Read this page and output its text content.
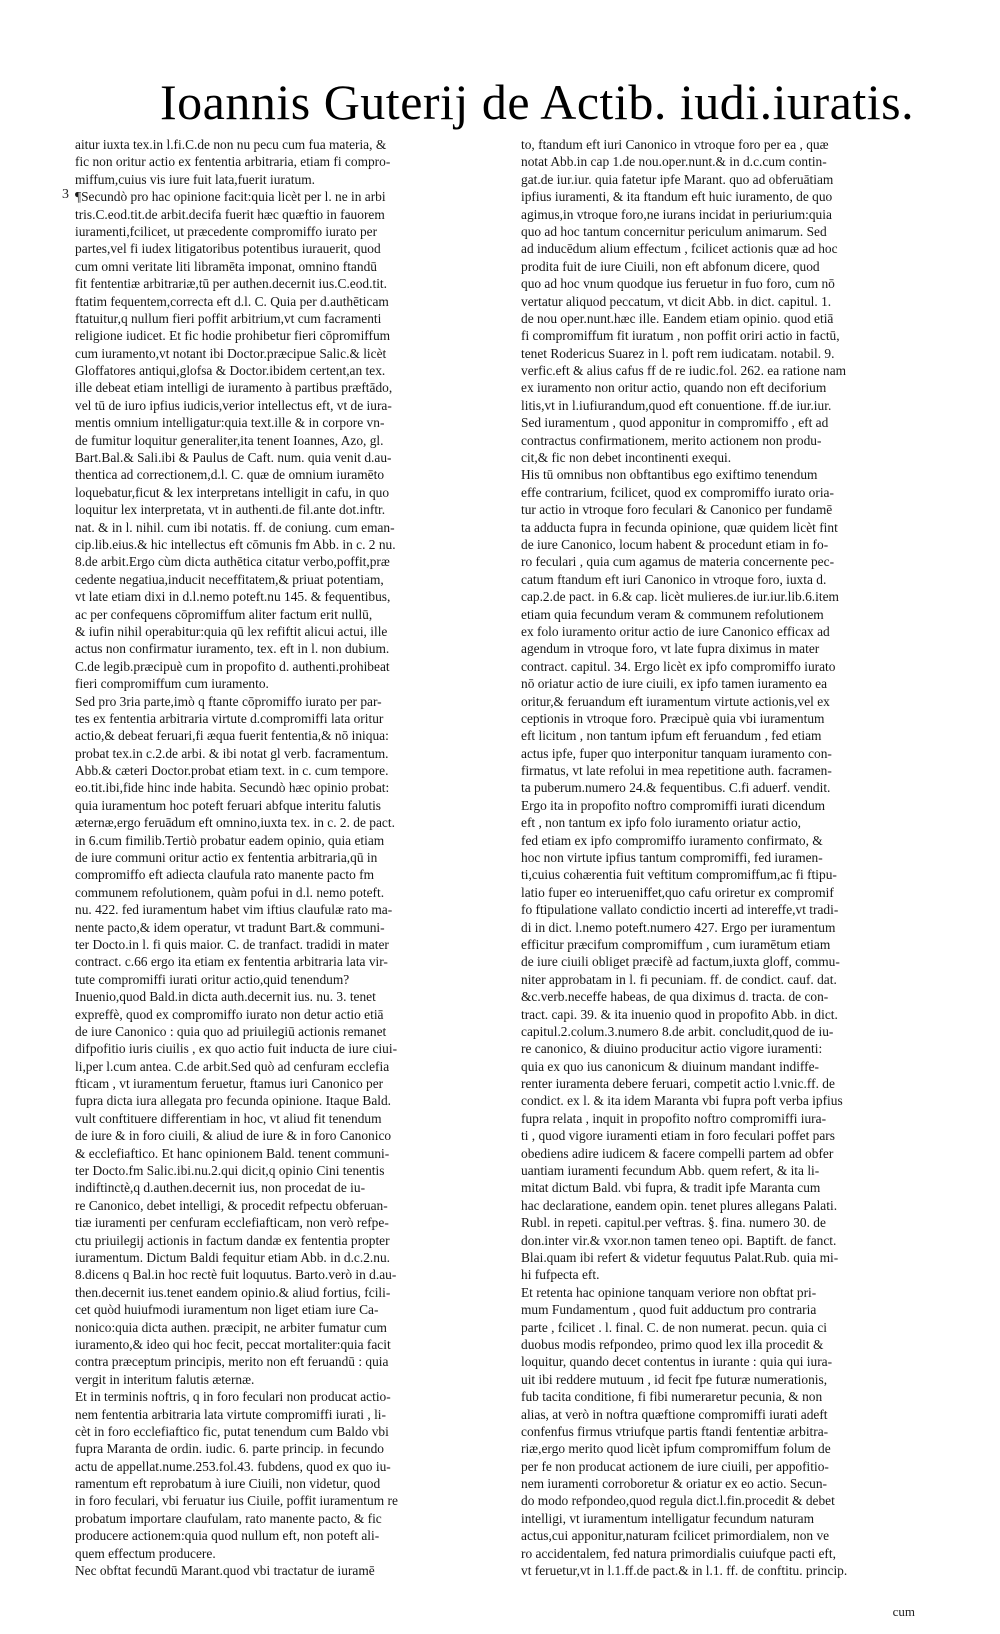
Ioannis Guterij de Actib. iudi.iuratis.
3
aitur iuxta tex.in l.fi.C.de non nu pecu cum fua materia, &
fic non oritur actio ex fententia arbitraria, etiam fi compro-
miffum,cuius vis iure fuit lata,fuerit iuratum.
¶Secundò pro hac opinione facit:quia licèt per l. ne in arbi
tris.C.eod.tit.de arbit.decifa fuerit hæc quæftio in fauorem
iuramenti,fcilicet, ut præcedente compromiffo iurato per
partes,vel fi iudex litigatoribus potentibus iurauerit, quod
cum omni veritate liti libramēta imponat, omnino ftandū
fit fententiæ arbitrariæ,tū per authen.decernit ius.C.eod.tit.
ftatim fequentem,correcta eft d.l. C. Quia per d.authēticam
ftatuitur,q nullum fieri poffit arbitrium,vt cum facramenti
religione iudicet. Et fic hodie prohibetur fieri cōpromiffum
cum iuramento,vt notant ibi Doctor.præcipue Salic.& licèt
Gloffatores antiqui,glofsa & Doctor.ibidem certent,an tex.
ille debeat etiam intelligi de iuramento à partibus præftādo,
vel tū de iuro ipfius iudicis,verior intellectus eft, vt de iura-
mentis omnium intelligatur:quia text.ille & in corpore vn-
de fumitur loquitur generaliter,ita tenent Ioannes, Azo, gl.
Bart.Bal.& Sali.ibi & Paulus de Caft. num. quia venit d.au-
thentica ad correctionem,d.l. C. quæ de omnium iuramēto
loquebatur,ficut & lex interpretans intelligit in cafu, in quo
loquitur lex interpretata, vt in authenti.de fil.ante dot.inftr.
nat. & in l. nihil. cum ibi notatis. ff. de coniung. cum eman-
cip.lib.eius.& hic intellectus eft cōmunis fm Abb. in c. 2 nu.
8.de arbit.Ergo cùm dicta authētica citatur verbo,poffit,præ
cedente negatiua,inducit neceffitatem,& priuat potentiam,
vt late etiam dixi in d.l.nemo poteft.nu 145. & fequentibus,
ac per confequens cōpromiffum aliter factum erit nullū,
& iufin nihil operabitur:quia qū lex refiftit alicui actui, ille
actus non confirmatur iuramento, tex. eft in l. non dubium.
C.de legib.præcipuè cum in propofito d. authenti.prohibeat
fieri compromiffum cum iuramento.
Sed pro 3ria parte,imò q ftante cōpromiffo iurato per par-
tes ex fententia arbitraria virtute d.compromiffi lata oritur
actio,& debeat feruari,fi æqua fuerit fententia,& nō iniqua:
probat tex.in c.2.de arbi. & ibi notat gl verb. facramentum.
Abb.& cæteri Doctor.probat etiam text. in c. cum tempore.
eo.tit.ibi,fide hinc inde habita. Secundò hæc opinio probat:
quia iuramentum hoc poteft feruari abfque interitu falutis
æternæ,ergo feruādum eft omnino,iuxta tex. in c. 2. de pact.
in 6.cum fimilib.Tertiò probatur eadem opinio, quia etiam
de iure communi oritur actio ex fententia arbitraria,qū in
compromiffo eft adiecta claufula rato manente pacto fm
communem refolutionem, quàm pofui in d.l. nemo poteft.
nu. 422. fed iuramentum habet vim iftius claufulæ rato ma-
nente pacto,& idem operatur, vt tradunt Bart.& communi-
ter Docto.in l. fi quis maior. C. de tranfact. tradidi in mater
contract. c.66 ergo ita etiam ex fententia arbitraria lata vir-
tute compromiffi iurati oritur actio,quid tenendum?
Inuenio,quod Bald.in dicta auth.decernit ius. nu. 3. tenet
expreffè, quod ex compromiffo iurato non detur actio etiā
de iure Canonico : quia quo ad priuilegiū actionis remanet
difpofitio iuris ciuilis , ex quo actio fuit inducta de iure ciui-
li,per l.cum antea. C.de arbit.Sed quò ad cenfuram ecclefia
fticam , vt iuramentum feruetur, ftamus iuri Canonico per
fupra dicta iura allegata pro fecunda opinione. Itaque Bald.
vult conftituere differentiam in hoc, vt aliud fit tenendum
de iure & in foro ciuili, & aliud de iure & in foro Canonico
& ecclefiaftico. Et hanc opinionem Bald. tenent communi-
ter Docto.fm Salic.ibi.nu.2.qui dicit,q opinio Cini tenentis
indiftinctè,q d.authen.decernit ius, non procedat de iu-
re Canonico, debet intelligi, & procedit refpectu obferuan-
tiæ iuramenti per cenfuram ecclefiafticam, non verò refpe-
ctu priuilegij actionis in factum dandæ ex fententia propter
iuramentum. Dictum Baldi fequitur etiam Abb. in d.c.2.nu.
8.dicens q Bal.in hoc rectè fuit loquutus. Barto.verò in d.au-
then.decernit ius.tenet eandem opinio.& aliud fortius, fcili-
cet quòd huiufmodi iuramentum non liget etiam iure Ca-
nonico:quia dicta authen. præcipit, ne arbiter fumatur cum
iuramento,& ideo qui hoc fecit, peccat mortaliter:quia facit
contra præceptum principis, merito non eft feruandū : quia
vergit in interitum falutis æternæ.
Et in terminis noftris, q in foro feculari non producat actio-
nem fententia arbitraria lata virtute compromiffi iurati , li-
cèt in foro ecclefiaftico fic, putat tenendum cum Baldo vbi
fupra Maranta de ordin. iudic. 6. parte princip. in fecundo
actu de appellat.nume.253.fol.43. fubdens, quod ex quo iu-
ramentum eft reprobatum à iure Ciuili, non videtur, quod
in foro feculari, vbi feruatur ius Ciuile, poffit iuramentum re
probatum importare claufulam, rato manente pacto, & fic
producere actionem:quia quod nullum eft, non poteft ali-
quem effectum producere.
Nec obftat fecundū Marant.quod vbi tractatur de iuramē
to, ftandum eft iuri Canonico in vtroque foro per ea , quæ
notat Abb.in cap 1.de nou.oper.nunt.& in d.c.cum contin-
gat.de iur.iur. quia fatetur ipfe Marant. quo ad obferuātiam
ipfius iuramenti, & ita ftandum eft huic iuramento, de quo
agimus,in vtroque foro,ne iurans incidat in periurium:quia
quo ad hoc tantum concernitur periculum animarum. Sed
ad inducēdum alium effectum , fcilicet actionis quæ ad hoc
prodita fuit de iure Ciuili, non eft abfonum dicere, quod
quo ad hoc vnum quodque ius feruetur in fuo foro, cum nō
vertatur aliquod peccatum, vt dicit Abb. in dict. capitul. 1.
de nou oper.nunt.hæc ille. Eandem etiam opinio. quod etiā
fi compromiffum fit iuratum , non poffit oriri actio in factū,
tenet Rodericus Suarez in l. poft rem iudicatam. notabil. 9.
verfic.eft & alius cafus ff de re iudic.fol. 262. ea ratione nam
ex iuramento non oritur actio, quando non eft deciforium
litis,vt in l.iufiurandum,quod eft conuentione. ff.de iur.iur.
Sed iuramentum , quod apponitur in compromiffo , eft ad
contractus confirmationem, merito actionem non produ-
cit,& fic non debet incontinenti exequi.
His tū omnibus non obftantibus ego exiftimo tenendum
effe contrarium, fcilicet, quod ex compromiffo iurato oria-
tur actio in vtroque foro feculari & Canonico per fundamē
ta adducta fupra in fecunda opinione, quæ quidem licèt fint
de iure Canonico, locum habent & procedunt etiam in fo-
ro feculari , quia cum agamus de materia concernente pec-
catum ftandum eft iuri Canonico in vtroque foro, iuxta d.
cap.2.de pact. in 6.& cap. licèt mulieres.de iur.iur.lib.6.item
etiam quia fecundum veram & communem refolutionem
ex folo iuramento oritur actio de iure Canonico efficax ad
agendum in vtroque foro, vt late fupra diximus in mater
contract. capitul. 34. Ergo licèt ex ipfo compromiffo iurato
nō oriatur actio de iure ciuili, ex ipfo tamen iuramento ea
oritur,& feruandum eft iuramentum virtute actionis,vel ex
ceptionis in vtroque foro. Præcipuè quia vbi iuramentum
eft licitum , non tantum ipfum eft feruandum , fed etiam
actus ipfe, fuper quo interponitur tanquam iuramento con-
firmatus, vt late refolui in mea repetitione auth. facramen-
ta puberum.numero 24.& fequentibus. C.fi aduerf. vendit.
Ergo ita in propofito noftro compromiffi iurati dicendum
eft , non tantum ex ipfo folo iuramento oriatur actio,
fed etiam ex ipfo compromiffo iuramento confirmato, &
hoc non virtute ipfius tantum compromiffi, fed iuramen-
ti,cuius cohærentia fuit veftitum compromiffum,ac fi ftipu-
latio fuper eo interueniffet,quo cafu oriretur ex compromif
fo ftipulatione vallato condictio incerti ad intereffe,vt tradi-
di in dict. l.nemo poteft.numero 427. Ergo per iuramentum
efficitur præcifum compromiffum , cum iuramētum etiam
de iure ciuili obliget præcifè ad factum,iuxta gloff, commu-
niter approbatam in l. fi pecuniam. ff. de condict. cauf. dat.
&c.verb.neceffe habeas, de qua diximus d. tracta. de con-
tract. capi. 39. & ita inuenio quod in propofito Abb. in dict.
capitul.2.colum.3.numero 8.de arbit. concludit,quod de iu-
re canonico, & diuino producitur actio vigore iuramenti:
quia ex quo ius canonicum & diuinum mandant indiffe-
renter iuramenta debere feruari, competit actio l.vnic.ff. de
condict. ex l. & ita idem Maranta vbi fupra poft verba ipfius
fupra relata , inquit in propofito noftro compromiffi iura-
ti , quod vigore iuramenti etiam in foro feculari poffet pars
obediens adire iudicem & facere compelli partem ad obfer
uantiam iuramenti fecundum Abb. quem refert, & ita li-
mitat dictum Bald. vbi fupra, & tradit ipfe Maranta cum
hac declaratione, eandem opin. tenet plures allegans Palati.
Rubl. in repeti. capitul.per veftras. §. fina. numero 30. de
don.inter vir.& vxor.non tamen teneo opi. Baptift. de fanct.
Blai.quam ibi refert & videtur fequutus Palat.Rub. quia mi-
hi fufpecta eft.
Et retenta hac opinione tanquam veriore non obftat pri-
mum Fundamentum , quod fuit adductum pro contraria
parte , fcilicet . l. final. C. de non numerat. pecun. quia ci
duobus modis refpondeo, primo quod lex illa procedit &
loquitur, quando decet contentus in iurante : quia qui iura-
uit ibi reddere mutuum , id fecit fpe futuræ numerationis,
fub tacita conditione, fi fibi numeraretur pecunia, & non
alias, at verò in noftra quæftione compromiffi iurati adeft
confenfus firmus vtriufque partis ftandi fententiæ arbitra-
riæ,ergo merito quod licèt ipfum compromiffum folum de
per fe non producat actionem de iure ciuili, per appofitio-
nem iuramenti corroboretur & oriatur ex eo actio. Secun-
do modo refpondeo,quod regula dict.l.fin.procedit & debet
intelligi, vt iuramentum intelligatur fecundum naturam
actus,cui apponitur,naturam fcilicet primordialem, non ve
ro accidentalem, fed natura primordialis cuiufque pacti eft,
vt feruetur,vt in l.1.ff.de pact.& in l.1. ff. de conftitu. princip.
cum
